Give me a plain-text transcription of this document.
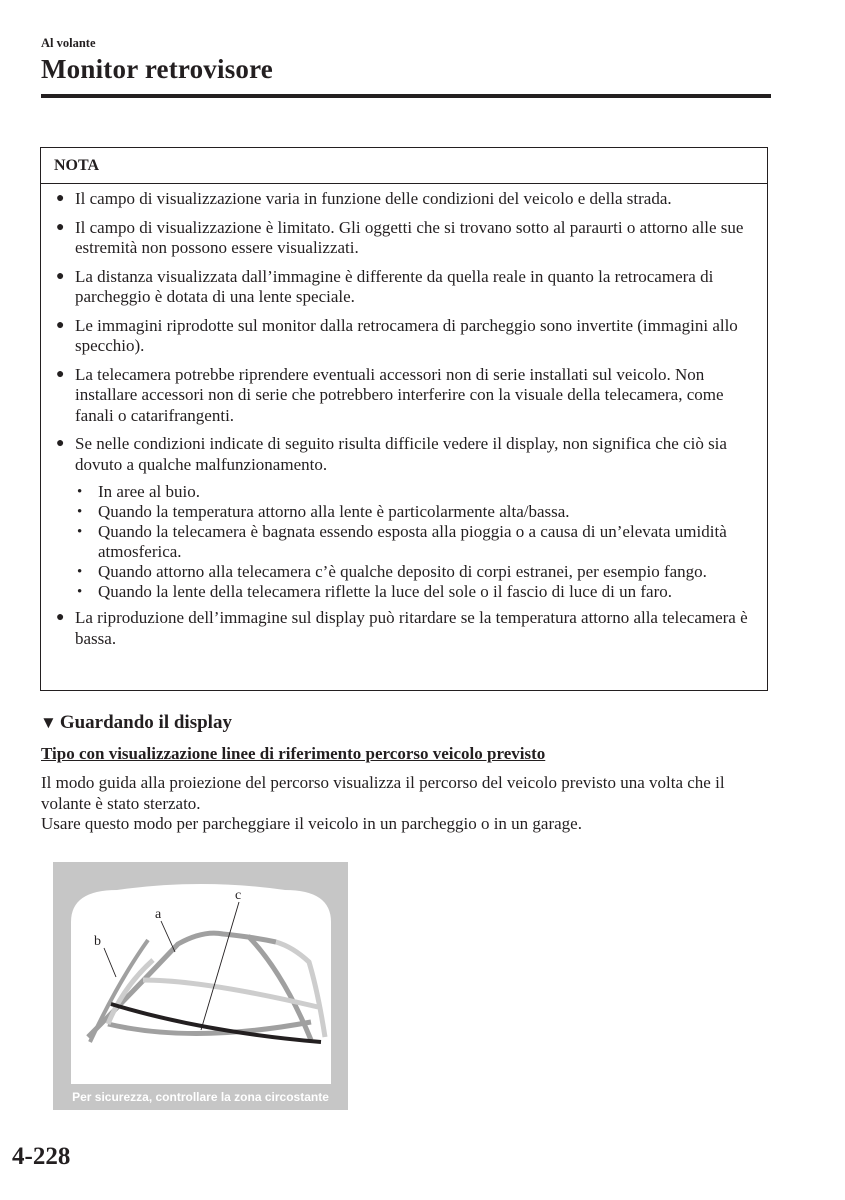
Al volante
Monitor retrovisore
NOTA
● Il campo di visualizzazione varia in funzione delle condizioni del veicolo e della strada.
● Il campo di visualizzazione è limitato. Gli oggetti che si trovano sotto al paraurti o attorno alle sue estremità non possono essere visualizzati.
● La distanza visualizzata dall’immagine è differente da quella reale in quanto la retrocamera di parcheggio è dotata di una lente speciale.
● Le immagini riprodotte sul monitor dalla retrocamera di parcheggio sono invertite (immagini allo specchio).
● La telecamera potrebbe riprendere eventuali accessori non di serie installati sul veicolo. Non installare accessori non di serie che potrebbero interferire con la visuale della telecamera, come fanali o catarifrangenti.
● Se nelle condizioni indicate di seguito risulta difficile vedere il display, non significa che ciò sia dovuto a qualche malfunzionamento.
• In aree al buio.
• Quando la temperatura attorno alla lente è particolarmente alta/bassa.
• Quando la telecamera è bagnata essendo esposta alla pioggia o a causa di un’elevata umidità atmosferica.
• Quando attorno alla telecamera c’è qualche deposito di corpi estranei, per esempio fango.
• Quando la lente della telecamera riflette la luce del sole o il fascio di luce di un faro.
● La riproduzione dell’immagine sul display può ritardare se la temperatura attorno alla telecamera è bassa.
▼ Guardando il display
Tipo con visualizzazione linee di riferimento percorso veicolo previsto
Il modo guida alla proiezione del percorso visualizza il percorso del veicolo previsto una volta che il volante è stato sterzato.
Usare questo modo per parcheggiare il veicolo in un parcheggio o in un garage.
a
b
c
Per sicurezza, controllare la zona circostante
4-228
